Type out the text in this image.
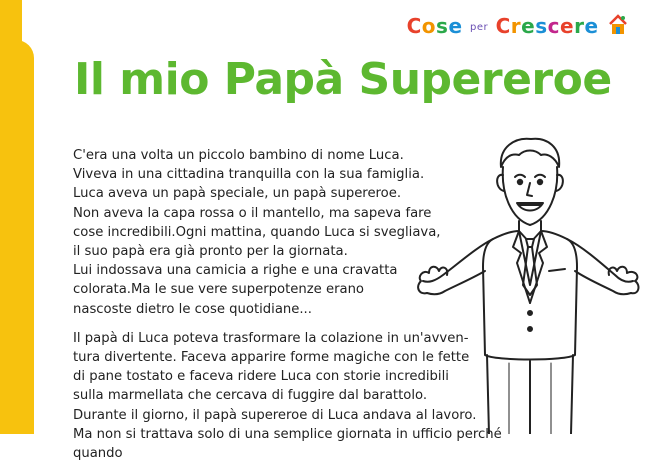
Cose per Crescere
Il mio Papà Supereroe

C'era una volta un piccolo bambino di nome Luca.
Viveva in una cittadina tranquilla con la sua famiglia.
Luca aveva un papà speciale, un papà supereroe.
Non aveva la capa rossa o il mantello, ma sapeva fare
cose incredibili.Ogni mattina, quando Luca si svegliava,
il suo papà era già pronto per la giornata.
Lui indossava una camicia a righe e una cravatta
colorata.Ma le sue vere superpotenze erano
nascoste dietro le cose quotidiane...

Il papà di Luca poteva trasformare la colazione in un'avven-
tura divertente. Faceva apparire forme magiche con le fette
di pane tostato e faceva ridere Luca con storie incredibili
sulla marmellata che cercava di fuggire dal barattolo.
Durante il giorno, il papà supereroe di Luca andava al lavoro.
Ma non si trattava solo di una semplice giornata in ufficio perché quando
